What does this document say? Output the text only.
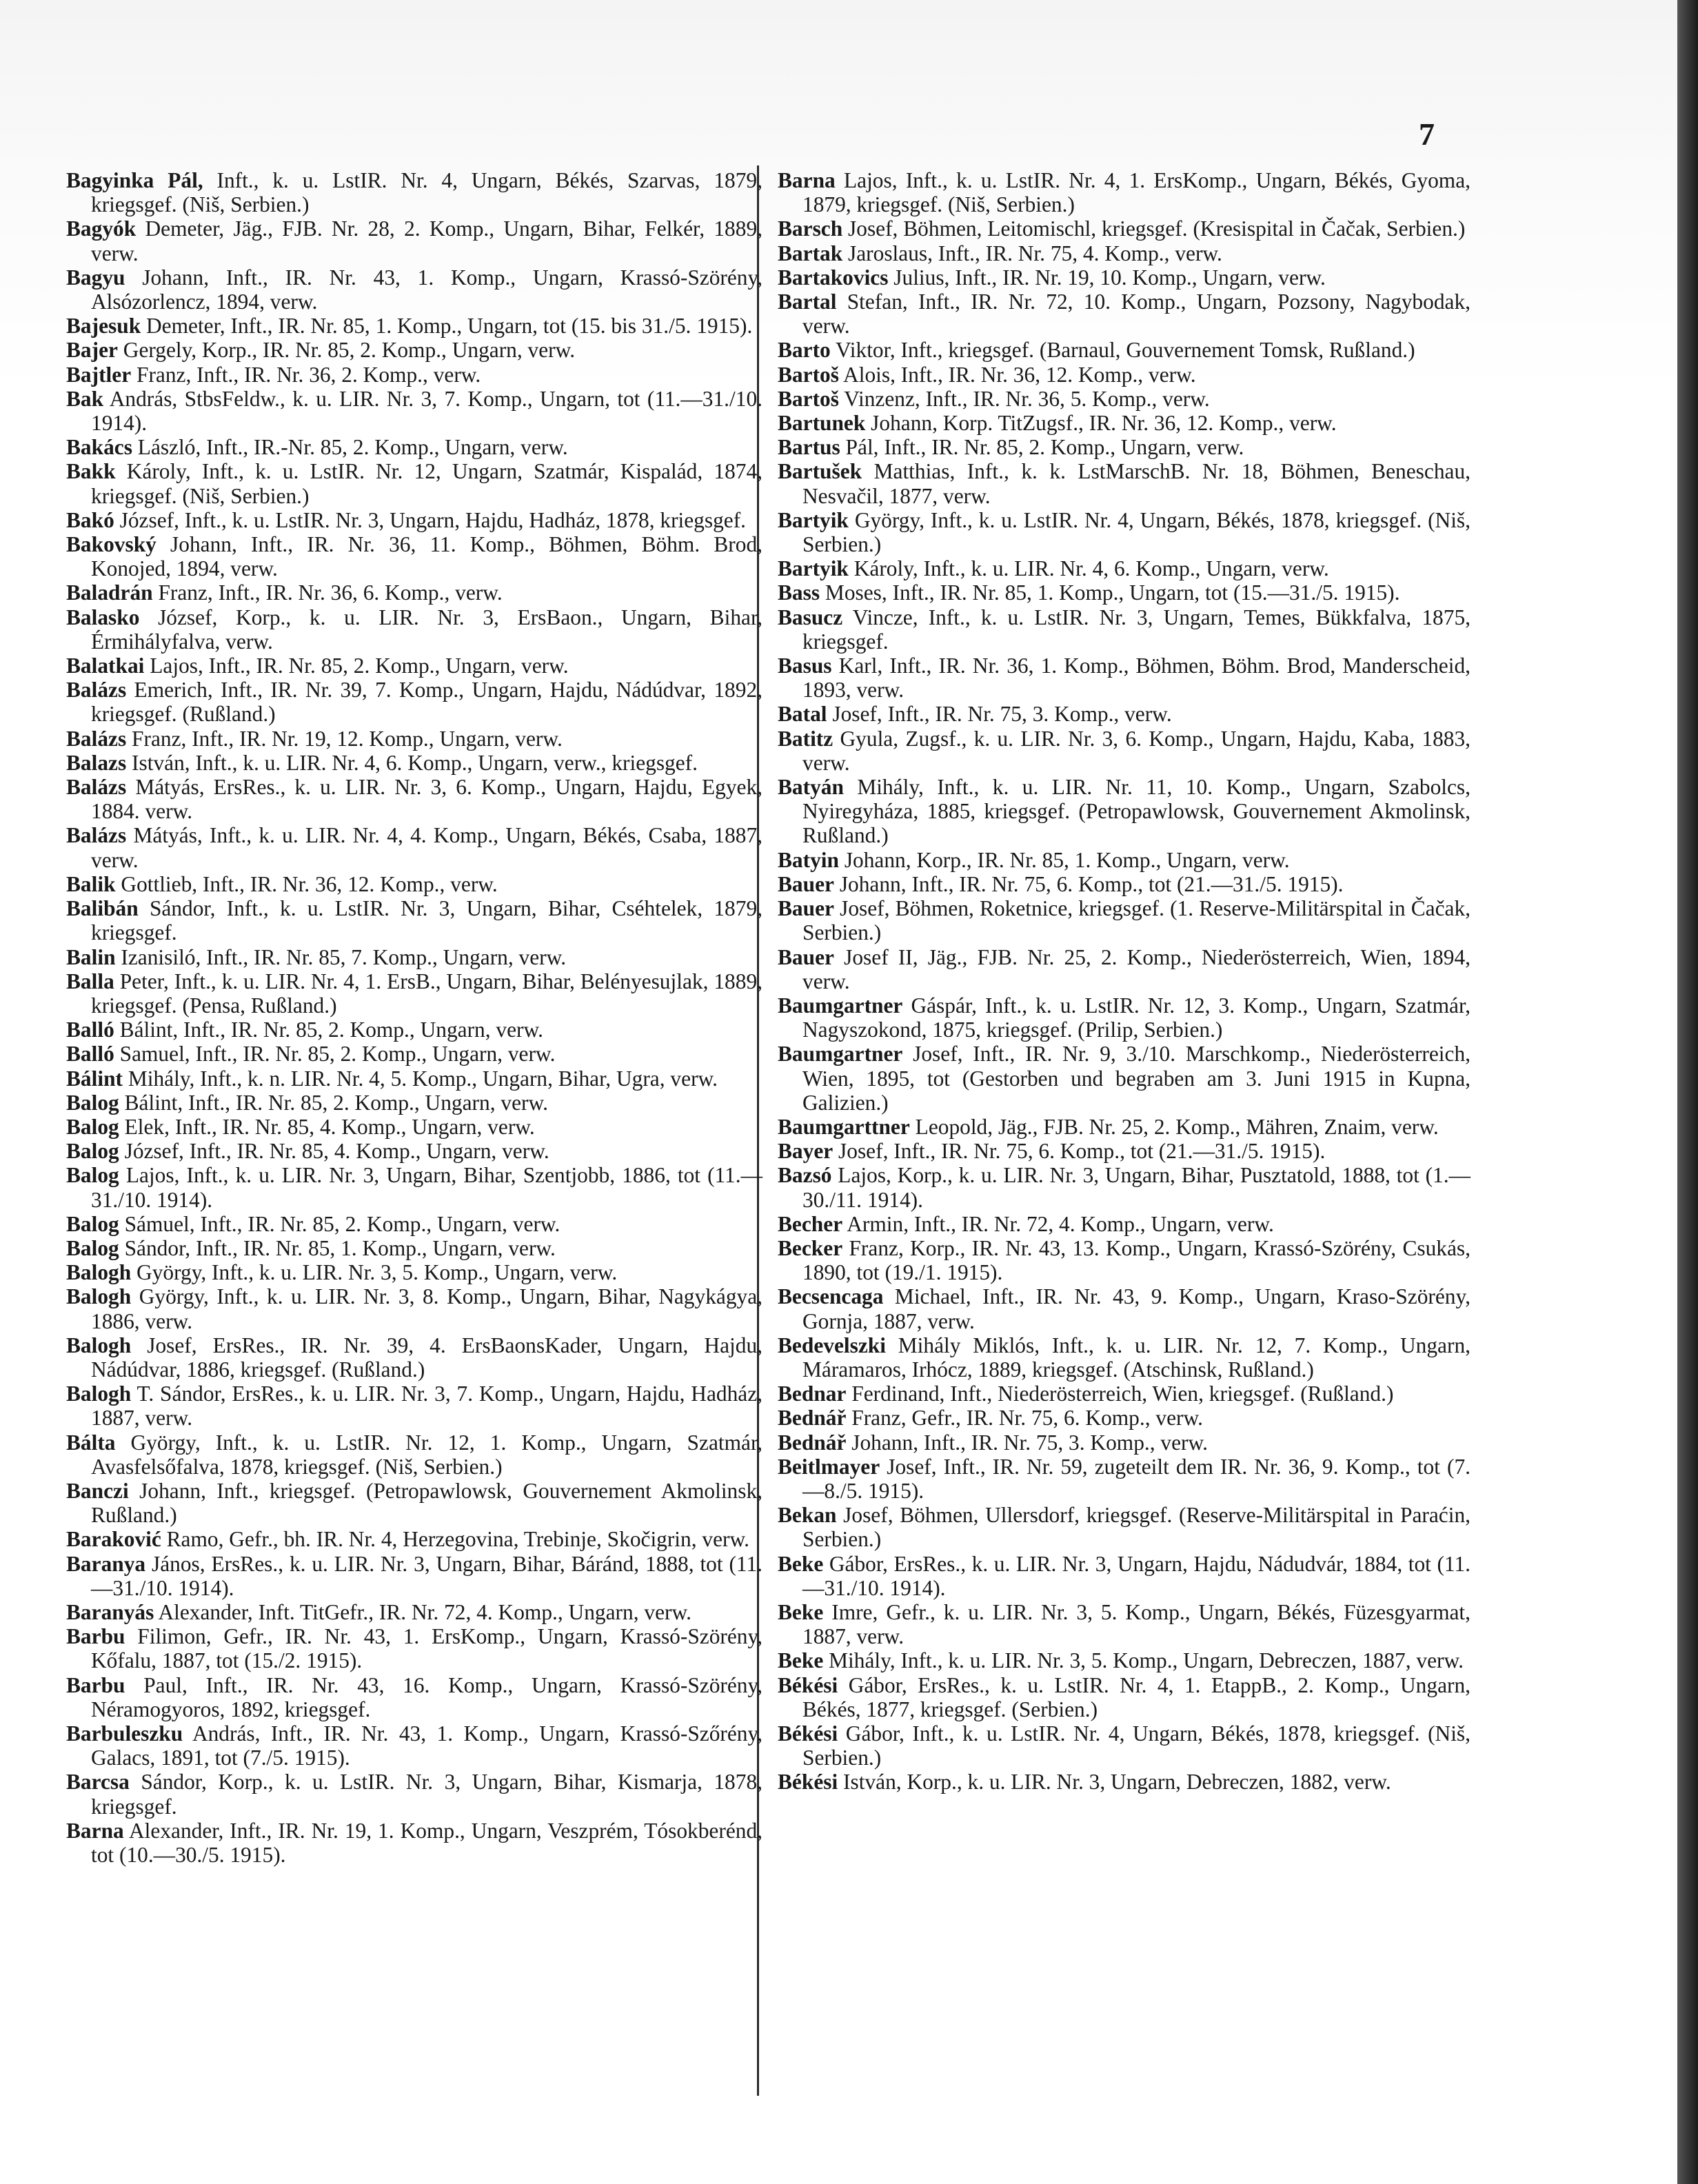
7

Bagyinka Pál, Inft., k. u. LstIR. Nr. 4, Ungarn, Békés, Szarvas, 1879, kriegsgef. (Niš, Serbien.)

Bagyók Demeter, Jäg., FJB. Nr. 28, 2. Komp., Ungarn, Bihar, Felkér, 1889, verw.

Bagyu Johann, Inft., IR. Nr. 43, 1. Komp., Ungarn, Krassó-Szörény, Alsózorlencz, 1894, verw.

Bajesuk Demeter, Inft., IR. Nr. 85, 1. Komp., Ungarn, tot (15. bis 31./5. 1915).

Bajer Gergely, Korp., IR. Nr. 85, 2. Komp., Ungarn, verw.

Bajtler Franz, Inft., IR. Nr. 36, 2. Komp., verw.

Bak András, StbsFeldw., k. u. LIR. Nr. 3, 7. Komp., Ungarn, tot (11.—31./10. 1914).

Bakács László, Inft., IR.-Nr. 85, 2. Komp., Ungarn, verw.

Bakk Károly, Inft., k. u. LstIR. Nr. 12, Ungarn, Szatmár, Kispalád, 1874, kriegsgef. (Niš, Serbien.)

Bakó József, Inft., k. u. LstIR. Nr. 3, Ungarn, Hajdu, Hadház, 1878, kriegsgef.

Bakovský Johann, Inft., IR. Nr. 36, 11. Komp., Böhmen, Böhm. Brod, Konojed, 1894, verw.

Baladrán Franz, Inft., IR. Nr. 36, 6. Komp., verw.

Balasko József, Korp., k. u. LIR. Nr. 3, ErsBaon., Ungarn, Bihar, Érmihályfalva, verw.

Balatkai Lajos, Inft., IR. Nr. 85, 2. Komp., Ungarn, verw.

Balázs Emerich, Inft., IR. Nr. 39, 7. Komp., Ungarn, Hajdu, Nádúdvar, 1892, kriegsgef. (Rußland.)

Balázs Franz, Inft., IR. Nr. 19, 12. Komp., Ungarn, verw.

Balazs István, Inft., k. u. LIR. Nr. 4, 6. Komp., Ungarn, verw., kriegsgef.

Balázs Mátyás, ErsRes., k. u. LIR. Nr. 3, 6. Komp., Ungarn, Hajdu, Egyek, 1884. verw.

Balázs Mátyás, Inft., k. u. LIR. Nr. 4, 4. Komp., Ungarn, Békés, Csaba, 1887, verw.

Balik Gottlieb, Inft., IR. Nr. 36, 12. Komp., verw.

Balibán Sándor, Inft., k. u. LstIR. Nr. 3, Ungarn, Bihar, Cséhtelek, 1879, kriegsgef.

Balin Izanisiló, Inft., IR. Nr. 85, 7. Komp., Ungarn, verw.

Balla Peter, Inft., k. u. LIR. Nr. 4, 1. ErsB., Ungarn, Bihar, Belényesujlak, 1889, kriegsgef. (Pensa, Rußland.)

Balló Bálint, Inft., IR. Nr. 85, 2. Komp., Ungarn, verw.

Balló Samuel, Inft., IR. Nr. 85, 2. Komp., Ungarn, verw.

Bálint Mihály, Inft., k. n. LIR. Nr. 4, 5. Komp., Ungarn, Bihar, Ugra, verw.

Balog Bálint, Inft., IR. Nr. 85, 2. Komp., Ungarn, verw.

Balog Elek, Inft., IR. Nr. 85, 4. Komp., Ungarn, verw.

Balog József, Inft., IR. Nr. 85, 4. Komp., Ungarn, verw.

Balog Lajos, Inft., k. u. LIR. Nr. 3, Ungarn, Bihar, Szentjobb, 1886, tot (11.—31./10. 1914).

Balog Sámuel, Inft., IR. Nr. 85, 2. Komp., Ungarn, verw.

Balog Sándor, Inft., IR. Nr. 85, 1. Komp., Ungarn, verw.

Balogh György, Inft., k. u. LIR. Nr. 3, 5. Komp., Ungarn, verw.

Balogh György, Inft., k. u. LIR. Nr. 3, 8. Komp., Ungarn, Bihar, Nagykágya, 1886, verw.

Balogh Josef, ErsRes., IR. Nr. 39, 4. ErsBaonsKader, Ungarn, Hajdu, Nádúdvar, 1886, kriegsgef. (Rußland.)

Balogh T. Sándor, ErsRes., k. u. LIR. Nr. 3, 7. Komp., Ungarn, Hajdu, Hadház, 1887, verw.

Bálta György, Inft., k. u. LstIR. Nr. 12, 1. Komp., Ungarn, Szatmár, Avasfelsőfalva, 1878, kriegsgef. (Niš, Serbien.)

Banczi Johann, Inft., kriegsgef. (Petropawlowsk, Gouvernement Akmolinsk, Rußland.)

Baraković Ramo, Gefr., bh. IR. Nr. 4, Herzegovina, Trebinje, Skočigrin, verw.

Baranya János, ErsRes., k. u. LIR. Nr. 3, Ungarn, Bihar, Báránd, 1888, tot (11.—31./10. 1914).

Baranyás Alexander, Inft. TitGefr., IR. Nr. 72, 4. Komp., Ungarn, verw.

Barbu Filimon, Gefr., IR. Nr. 43, 1. ErsKomp., Ungarn, Krassó-Szörény, Kőfalu, 1887, tot (15./2. 1915).

Barbu Paul, Inft., IR. Nr. 43, 16. Komp., Ungarn, Krassó-Szörény, Néramogyoros, 1892, kriegsgef.

Barbuleszku András, Inft., IR. Nr. 43, 1. Komp., Ungarn, Krassó-Szőrény, Galacs, 1891, tot (7./5. 1915).

Barcsa Sándor, Korp., k. u. LstIR. Nr. 3, Ungarn, Bihar, Kismarja, 1878, kriegsgef.

Barna Alexander, Inft., IR. Nr. 19, 1. Komp., Ungarn, Veszprém, Tósokberénd, tot (10.—30./5. 1915).

Barna Lajos, Inft., k. u. LstIR. Nr. 4, 1. ErsKomp., Ungarn, Békés, Gyoma, 1879, kriegsgef. (Niš, Serbien.)

Barsch Josef, Böhmen, Leitomischl, kriegsgef. (Kresispital in Čačak, Serbien.)

Bartak Jaroslaus, Inft., IR. Nr. 75, 4. Komp., verw.

Bartakovics Julius, Inft., IR. Nr. 19, 10. Komp., Ungarn, verw.

Bartal Stefan, Inft., IR. Nr. 72, 10. Komp., Ungarn, Pozsony, Nagybodak, verw.

Barto Viktor, Inft., kriegsgef. (Barnaul, Gouvernement Tomsk, Rußland.)

Bartoš Alois, Inft., IR. Nr. 36, 12. Komp., verw.

Bartoš Vinzenz, Inft., IR. Nr. 36, 5. Komp., verw.

Bartunek Johann, Korp. TitZugsf., IR. Nr. 36, 12. Komp., verw.

Bartus Pál, Inft., IR. Nr. 85, 2. Komp., Ungarn, verw.

Bartušek Matthias, Inft., k. k. LstMarschB. Nr. 18, Böhmen, Beneschau, Nesvačil, 1877, verw.

Bartyik György, Inft., k. u. LstIR. Nr. 4, Ungarn, Békés, 1878, kriegsgef. (Niš, Serbien.)

Bartyik Károly, Inft., k. u. LIR. Nr. 4, 6. Komp., Ungarn, verw.

Bass Moses, Inft., IR. Nr. 85, 1. Komp., Ungarn, tot (15.—31./5. 1915).

Basucz Vincze, Inft., k. u. LstIR. Nr. 3, Ungarn, Temes, Bükkfalva, 1875, kriegsgef.

Basus Karl, Inft., IR. Nr. 36, 1. Komp., Böhmen, Böhm. Brod, Manderscheid, 1893, verw.

Batal Josef, Inft., IR. Nr. 75, 3. Komp., verw.

Batitz Gyula, Zugsf., k. u. LIR. Nr. 3, 6. Komp., Ungarn, Hajdu, Kaba, 1883, verw.

Batyán Mihály, Inft., k. u. LIR. Nr. 11, 10. Komp., Ungarn, Szabolcs, Nyiregyháza, 1885, kriegsgef. (Petropawlowsk, Gouvernement Akmolinsk, Rußland.)

Batyin Johann, Korp., IR. Nr. 85, 1. Komp., Ungarn, verw.

Bauer Johann, Inft., IR. Nr. 75, 6. Komp., tot (21.—31./5. 1915).

Bauer Josef, Böhmen, Roketnice, kriegsgef. (1. Reserve-Militärspital in Čačak, Serbien.)

Bauer Josef II, Jäg., FJB. Nr. 25, 2. Komp., Niederösterreich, Wien, 1894, verw.

Baumgartner Gáspár, Inft., k. u. LstIR. Nr. 12, 3. Komp., Ungarn, Szatmár, Nagyszokond, 1875, kriegsgef. (Prilip, Serbien.)

Baumgartner Josef, Inft., IR. Nr. 9, 3./10. Marschkomp., Niederösterreich, Wien, 1895, tot (Gestorben und begraben am 3. Juni 1915 in Kupna, Galizien.)

Baumgarttner Leopold, Jäg., FJB. Nr. 25, 2. Komp., Mähren, Znaim, verw.

Bayer Josef, Inft., IR. Nr. 75, 6. Komp., tot (21.—31./5. 1915).

Bazsó Lajos, Korp., k. u. LIR. Nr. 3, Ungarn, Bihar, Pusztatold, 1888, tot (1.—30./11. 1914).

Becher Armin, Inft., IR. Nr. 72, 4. Komp., Ungarn, verw.

Becker Franz, Korp., IR. Nr. 43, 13. Komp., Ungarn, Krassó-Szörény, Csukás, 1890, tot (19./1. 1915).

Becsencaga Michael, Inft., IR. Nr. 43, 9. Komp., Ungarn, Kraso-Szörény, Gornja, 1887, verw.

Bedevelszki Mihály Miklós, Inft., k. u. LIR. Nr. 12, 7. Komp., Ungarn, Máramaros, Irhócz, 1889, kriegsgef. (Atschinsk, Rußland.)

Bednar Ferdinand, Inft., Niederösterreich, Wien, kriegsgef. (Rußland.)

Bednář Franz, Gefr., IR. Nr. 75, 6. Komp., verw.

Bednář Johann, Inft., IR. Nr. 75, 3. Komp., verw.

Beitlmayer Josef, Inft., IR. Nr. 59, zugeteilt dem IR. Nr. 36, 9. Komp., tot (7.—8./5. 1915).

Bekan Josef, Böhmen, Ullersdorf, kriegsgef. (Reserve-Militärspital in Paraćin, Serbien.)

Beke Gábor, ErsRes., k. u. LIR. Nr. 3, Ungarn, Hajdu, Nádudvár, 1884, tot (11.—31./10. 1914).

Beke Imre, Gefr., k. u. LIR. Nr. 3, 5. Komp., Ungarn, Békés, Füzesgyarmat, 1887, verw.

Beke Mihály, Inft., k. u. LIR. Nr. 3, 5. Komp., Ungarn, Debreczen, 1887, verw.

Békési Gábor, ErsRes., k. u. LstIR. Nr. 4, 1. EtappB., 2. Komp., Ungarn, Békés, 1877, kriegsgef. (Serbien.)

Békési Gábor, Inft., k. u. LstIR. Nr. 4, Ungarn, Békés, 1878, kriegsgef. (Niš, Serbien.)

Békési István, Korp., k. u. LIR. Nr. 3, Ungarn, Debreczen, 1882, verw.
